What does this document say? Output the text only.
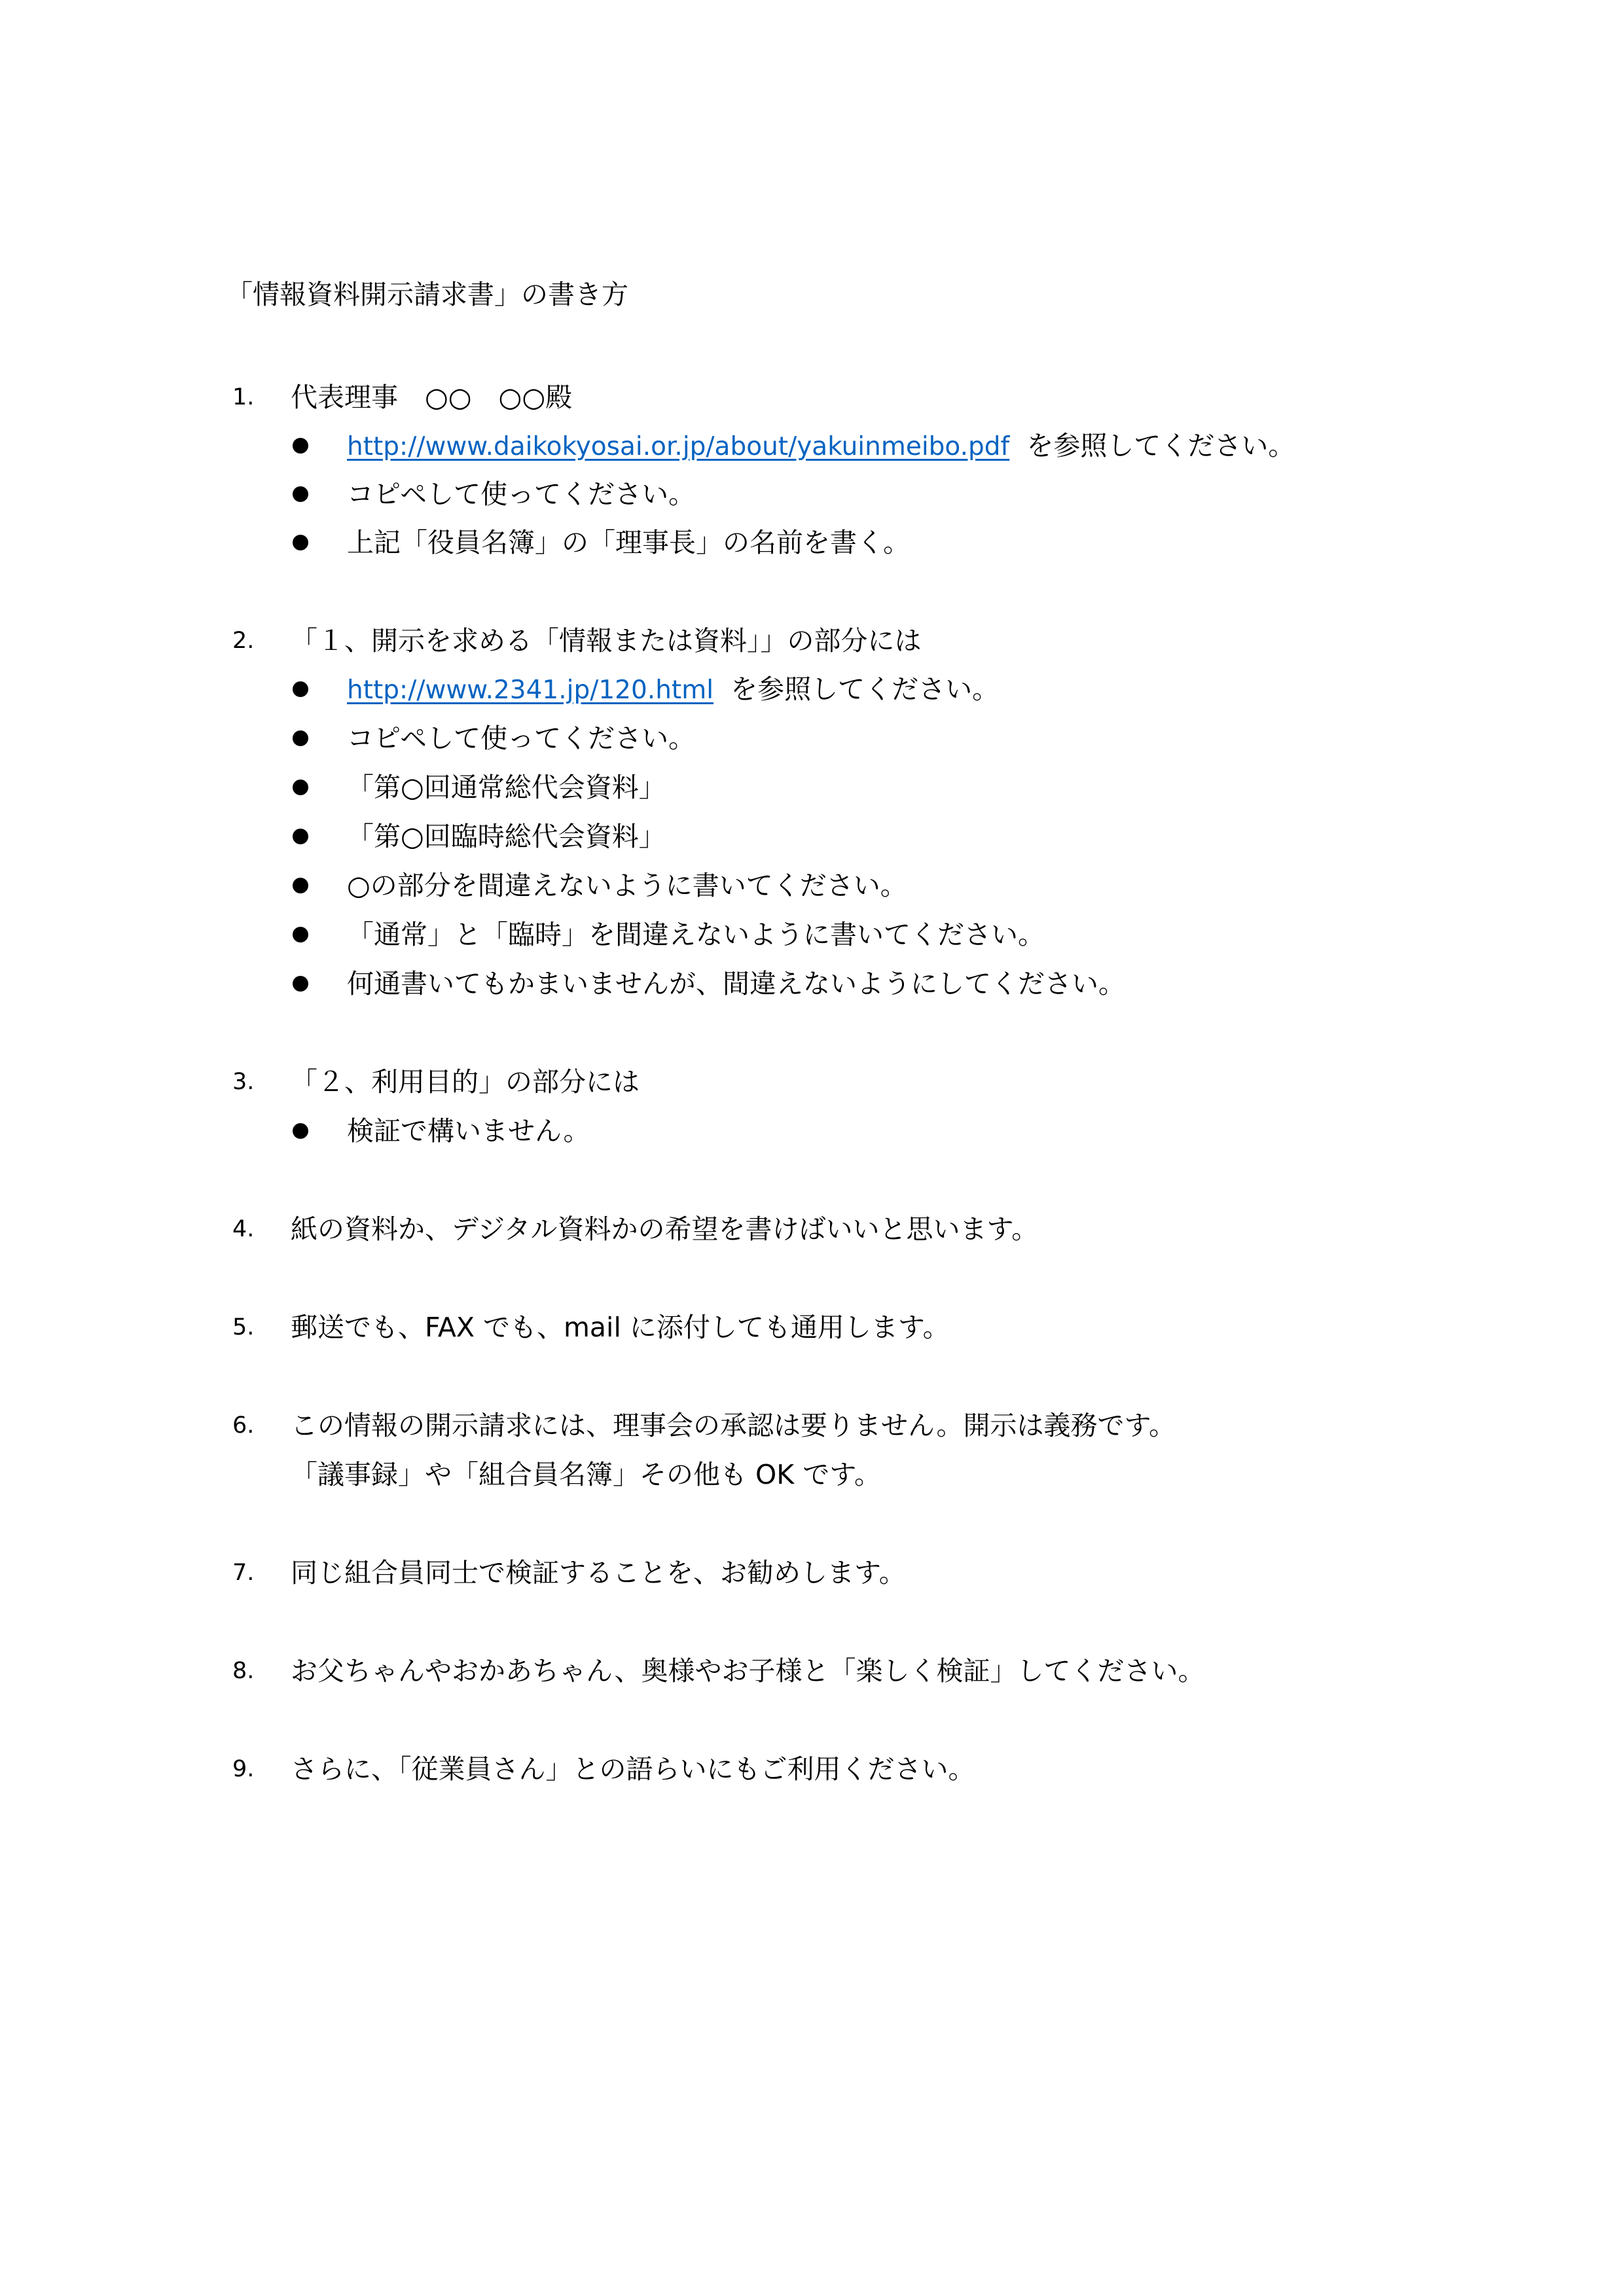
「情報資料開示請求書」の書き方
1. 代表理事　○○　○○殿
http://www.daikokyosai.or.jp/about/yakuinmeibo.pdf を参照してください。
コピペして使ってください。
上記「役員名簿」の「理事長」の名前を書く。
2. 「１、開示を求める「情報または資料」」の部分には
http://www.2341.jp/120.html を参照してください。
コピペして使ってください。
「第○回通常総代会資料」
「第○回臨時総代会資料」
○の部分を間違えないように書いてください。
「通常」と「臨時」を間違えないように書いてください。
何通書いてもかまいませんが、間違えないようにしてください。
3. 「２、利用目的」の部分には
検証で構いません。
4. 紙の資料か、デジタル資料かの希望を書けばいいと思います。
5. 郵送でも、FAX でも、mail に添付しても通用します。
6. この情報の開示請求には、理事会の承認は要りません。開示は義務です。
「議事録」や「組合員名簿」その他も OK です。
7. 同じ組合員同士で検証することを、お勧めします。
8. お父ちゃんやおかあちゃん、奥様やお子様と「楽しく検証」してください。
9. さらに、「従業員さん」との語らいにもご利用ください。
